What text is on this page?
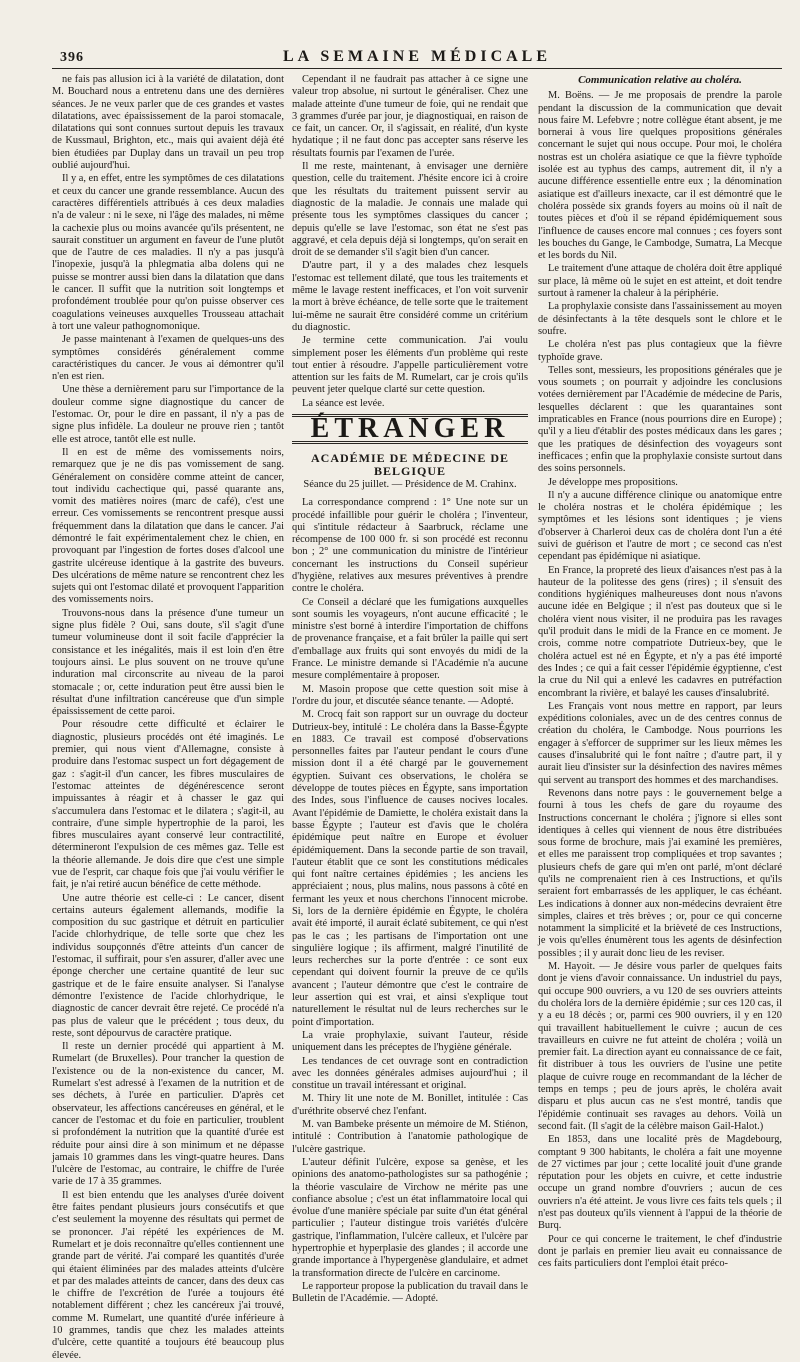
396	LA SEMAINE MÉDICALE

ne fais pas allusion ici à la variété de dilatation, dont M. Bouchard nous a entretenu dans une des dernières séances. Je ne veux parler que de ces grandes et vastes dilatations, avec épaississement de la paroi stomacale, dilatations qui sont connues surtout depuis les travaux de Kussmaul, Brighton, etc., mais qui avaient déjà été bien étudiées par Duplay dans un travail un peu trop oublié aujourd'hui.

Il y a, en effet, entre les symptômes de ces dilatations et ceux du cancer une grande ressemblance. Aucun des caractères différentiels attribués à ces deux maladies n'a de valeur : ni le sexe, ni l'âge des malades, ni même la cachexie plus ou moins avancée qu'ils présentent, ne saurait constituer un argument en faveur de l'une plutôt que de l'autre de ces maladies. Il n'y a pas jusqu'à l'inopexie, jusqu'à la phlegmatia alba dolens qui ne puisse se montrer aussi bien dans la dilatation que dans le cancer. Il suffit que la nutrition soit longtemps et profondément troublée pour qu'on puisse observer ces coagulations veineuses auxquelles Trousseau attachait à tort une valeur pathognomonique.

Je passe maintenant à l'examen de quelques-uns des symptômes considérés généralement comme caractéristiques du cancer. Je vous ai démontrer qu'il n'en est rien.

Une thèse a dernièrement paru sur l'importance de la douleur comme signe diagnostique du cancer de l'estomac. Or, pour le dire en passant, il n'y a pas de signe plus infidèle. La douleur ne prouve rien ; tantôt elle est atroce, tantôt elle est nulle.

Il en est de même des vomissements noirs, remarquez que je ne dis pas vomissement de sang. Généralement on considère comme atteint de cancer, tout individu cachectique qui, passé quarante ans, vomit des matières noires (marc de café), c'est une erreur. Ces vomissements se rencontrent presque aussi fréquemment dans la dilatation que dans le cancer. J'ai démontré le fait expérimentalement chez le chien, en provoquant par l'ingestion de fortes doses d'alcool une gastrite ulcéreuse identique à la gastrite des buveurs. Des ulcérations de même nature se rencontrent chez les sujets qui ont l'estomac dilaté et provoquent l'apparition des vomissements noirs.

Trouvons-nous dans la présence d'une tumeur un signe plus fidèle ? Oui, sans doute, s'il s'agit d'une tumeur volumineuse dont il soit facile d'apprécier la consistance et les inégalités, mais il est loin d'en être toujours ainsi. Le plus souvent on ne trouve qu'une induration mal circonscrite au niveau de la paroi stomacale ; or, cette induration peut être aussi bien le résultat d'une infiltration cancéreuse que d'un simple épaississement de cette paroi.

Pour résoudre cette difficulté et éclairer le diagnostic, plusieurs procédés ont été imaginés. Le premier, qui nous vient d'Allemagne, consiste à produire dans l'estomac suspect un fort dégagement de gaz : s'agit-il d'un cancer, les fibres musculaires de l'estomac atteintes de dégénérescence seront impuissantes à réagir et à chasser le gaz qui s'accumulera dans l'estomac et le dilatera ; s'agit-il, au contraire, d'une simple hypertrophie de la paroi, les fibres musculaires ayant conservé leur contractilité, détermineront l'expulsion de ces mêmes gaz. Telle est la théorie allemande. Je dois dire que c'est une simple vue de l'esprit, car chaque fois que j'ai voulu vérifier le fait, je n'ai retiré aucun bénéfice de cette méthode.

Une autre théorie est celle-ci : Le cancer, disent certains auteurs également allemands, modifie la composition du suc gastrique et détruit en particulier l'acide chlorhydrique, de telle sorte que chez les individus soupçonnés d'être atteints d'un cancer de l'estomac, il suffirait, pour s'en assurer, d'aller avec une éponge chercher une certaine quantité de leur suc gastrique et de le faire ensuite analyser. Si l'analyse démontre l'existence de l'acide chlorhydrique, le diagnostic de cancer devrait être rejeté. Ce procédé n'a pas plus de valeur que le précédent ; tous deux, du reste, sont dépourvus de caractère pratique.

Il reste un dernier procédé qui appartient à M. Rumelart (de Bruxelles). Pour trancher la question de l'existence ou de la non-existence du cancer, M. Rumelart s'est adressé à l'examen de la nutrition et de ses déchets, à l'urée en particulier. D'après cet observateur, les affections cancéreuses en général, et le cancer de l'estomac et du foie en particulier, troublent si profondément la nutrition que la quantité d'urée est réduite pour ainsi dire à son minimum et ne dépasse jamais 10 grammes dans les vingt-quatre heures. Dans l'ulcère de l'estomac, au contraire, le chiffre de l'urée varie de 17 à 35 grammes.

Il est bien entendu que les analyses d'urée doivent être faites pendant plusieurs jours consécutifs et que c'est seulement la moyenne des résultats qui permet de se prononcer. J'ai répété les expériences de M. Rumelart et je dois reconnaître qu'elles contiennent une grande part de vérité. J'ai comparé les quantités d'urée qui étaient éliminées par des malades atteints d'ulcère et par des malades atteints de cancer, dans des deux cas le chiffre de l'excrétion de l'urée a toujours été notablement différent ; chez les cancéreux j'ai trouvé, comme M. Rumelart, une quantité d'urée inférieure à 10 grammes, tandis que chez les malades atteints d'ulcère, cette quantité a toujours été beaucoup plus élevée.

Cependant il ne faudrait pas attacher à ce signe une valeur trop absolue, ni surtout le généraliser. Chez une malade atteinte d'une tumeur de foie, qui ne rendait que 3 grammes d'urée par jour, je diagnostiquai, en raison de ce fait, un cancer. Or, il s'agissait, en réalité, d'un kyste hydatique ; il ne faut donc pas accepter sans réserve les résultats fournis par l'examen de l'urée.

Il me reste, maintenant, à envisager une dernière question, celle du traitement. J'hésite encore ici à croire que les résultats du traitement puissent servir au diagnostic de la maladie. Je connais une malade qui présente tous les symptômes classiques du cancer ; depuis qu'elle se lave l'estomac, son état ne s'est pas aggravé, et cela depuis déjà si longtemps, qu'on serait en droit de se demander s'il s'agit bien d'un cancer.

D'autre part, il y a des malades chez lesquels l'estomac est tellement dilaté, que tous les traitements et même le lavage restent inefficaces, et l'on voit survenir la mort à brève échéance, de telle sorte que le traitement lui-même ne saurait être considéré comme un critérium du diagnostic.

Je termine cette communication. J'ai voulu simplement poser les éléments d'un problème qui reste tout entier à résoudre. J'appelle particulièrement votre attention sur les faits de M. Rumelart, car je crois qu'ils peuvent jeter quelque clarté sur cette question.

La séance est levée.

ÉTRANGER
ACADÉMIE DE MÉDECINE DE BELGIQUE
Séance du 25 juillet. — Présidence de M. Crahinx.

La correspondance comprend : 1° Une note sur un procédé infaillible pour guérir le choléra ; l'inventeur, qui s'intitule rédacteur à Saarbruck, réclame une récompense de 100 000 fr. si son procédé est reconnu bon ; 2° une communication du ministre de l'intérieur concernant les instructions du Conseil supérieur d'hygiène, relatives aux mesures préventives à prendre contre le choléra.

Ce Conseil a déclaré que les fumigations auxquelles sont soumis les voyageurs, n'ont aucune efficacité ; le ministre s'est borné à interdire l'importation de chiffons de provenance française, et a fait brûler la paille qui sert d'emballage aux fruits qui sont envoyés du midi de la France. Le ministre demande si l'Académie n'a aucune mesure complémentaire à proposer.

M. Masoin propose que cette question soit mise à l'ordre du jour, et discutée séance tenante. — Adopté.

M. Crocq fait son rapport sur un ouvrage du docteur Dutrieux-bey, intitulé : Le choléra dans la Basse-Égypte en 1883. Ce travail est composé d'observations personnelles faites par l'auteur pendant le cours d'une mission dont il a été chargé par le gouvernement égyptien. Suivant ces observations, le choléra se développe de toutes pièces en Égypte, sans importation des Indes, sous l'influence de causes nocives locales. Avant l'épidémie de Damiette, le choléra existait dans la basse Égypte ; l'auteur est d'avis que le choléra épidémique peut naître en Europe et évoluer épidémiquement. Dans la seconde partie de son travail, l'auteur établit que ce sont les constitutions médicales qui font naître certaines épidémies ; les anciens les appréciaient ; nous, plus malins, nous passons à côté en fermant les yeux et nous cherchons l'innocent microbe. Si, lors de la dernière épidémie en Égypte, le choléra avait été importé, il aurait éclaté subitement, ce qui n'est pas le cas ; les partisans de l'importation ont une singulière logique ; ils affirment, malgré l'inutilité de leurs recherches sur la porte d'entrée : ce sont eux cependant qui doivent fournir la preuve de ce qu'ils avancent ; l'auteur démontre que c'est le contraire de leur assertion qui est vrai, et ainsi s'explique tout naturellement le résultat nul de leurs recherches sur le point d'importation.

La vraie prophylaxie, suivant l'auteur, réside uniquement dans les préceptes de l'hygiène générale.

Les tendances de cet ouvrage sont en contradiction avec les données générales admises aujourd'hui ; il constitue un travail intéressant et original.

M. Thiry lit une note de M. Bonillet, intitulée : Cas d'uréthrite observé chez l'enfant.

M. van Bambeke présente un mémoire de M. Stiénon, intitulé : Contribution à l'anatomie pathologique de l'ulcère gastrique.

L'auteur définit l'ulcère, expose sa genèse, et les opinions des anatomo-pathologistes sur sa pathogénie ; la théorie vasculaire de Virchow ne mérite pas une confiance absolue ; c'est un état inflammatoire local qui évolue d'une manière spéciale par suite d'un état général particulier ; l'auteur distingue trois variétés d'ulcère gastrique, l'inflammation, l'ulcère calleux, et l'ulcère par hypertrophie et hyperplasie des glandes ; il accorde une grande importance à l'hypergenèse glandulaire, et admet la transformation directe de l'ulcère en carcinome.

Le rapporteur propose la publication du travail dans le Bulletin de l'Académie. — Adopté.

Communication relative au choléra.

M. Boëns. — Je me proposais de prendre la parole pendant la discussion de la communication que devait nous faire M. Lefebvre ; notre collègue étant absent, je me bornerai à vous lire quelques propositions générales concernant le sujet qui nous occupe. Pour moi, le choléra nostras est un choléra asiatique ce que la fièvre typhoïde isolée est au typhus des camps, autrement dit, il n'y a aucune différence essentielle entre eux ; la dénomination asiatique est d'ailleurs inexacte, car il est démontré que le choléra possède six grands foyers au moins où il naît de toutes pièces et d'où il se répand épidémiquement sous l'influence de causes encore mal connues ; ces foyers sont les bouches du Gange, le Cambodge, Sumatra, La Mecque et les bords du Nil.

Le traitement d'une attaque de choléra doit être appliqué sur place, là même où le sujet en est atteint, et doit tendre surtout à ramener la chaleur à la périphérie.

La prophylaxie consiste dans l'assainissement au moyen de désinfectants à la tête desquels sont le chlore et le soufre.

Le choléra n'est pas plus contagieux que la fièvre typhoïde grave.

Telles sont, messieurs, les propositions générales que je vous soumets ; on pourrait y adjoindre les conclusions votées dernièrement par l'Académie de médecine de Paris, lesquelles déclarent : que les quarantaines sont impraticables en France (nous pourrions dire en Europe) ; qu'il y a lieu d'établir des postes médicaux dans les gares ; que les pratiques de désinfection des voyageurs sont inefficaces ; enfin que la prophylaxie consiste surtout dans des soins personnels.

Je développe mes propositions.

Il n'y a aucune différence clinique ou anatomique entre le choléra nostras et le choléra épidémique ; les symptômes et les lésions sont identiques ; je viens d'observer à Charleroi deux cas de choléra dont l'un a été suivi de guérison et l'autre de mort ; ce second cas n'est cependant pas épidémique ni asiatique.

En France, la propreté des lieux d'aisances n'est pas à la hauteur de la politesse des gens (rires) ; il s'ensuit des conditions hygiéniques malheureuses dont nous n'avons aucune idée en Belgique ; il n'est pas douteux que si le choléra vient nous visiter, il ne produira pas les ravages qu'il produit dans le midi de la France en ce moment. Je crois, comme notre compatriote Dutrieux-bey, que le choléra actuel est né en Égypte, et n'y a pas été importé des Indes ; ce qui a fait cesser l'épidémie égyptienne, c'est la crue du Nil qui a enlevé les cadavres en putréfaction encombrant la rivière, et balayé les causes d'insalubrité.

Les Français vont nous mettre en rapport, par leurs expéditions coloniales, avec un de des centres connus de création du choléra, le Cambodge. Nous pourrions les engager à s'efforcer de supprimer sur les lieux mêmes les causes d'insalubrité qui le font naître ; d'autre part, il y aurait lieu d'insister sur la désinfection des navires mêmes qui servent au transport des hommes et des marchandises.

Revenons dans notre pays : le gouvernement belge a fourni à tous les chefs de gare du royaume des Instructions concernant le choléra ; j'ignore si elles sont identiques à celles qui viennent de nous être distribuées sous forme de brochure, mais j'ai examiné les premières, et elles me paraissent trop compliquées et trop savantes ; plusieurs chefs de gare qui m'en ont parlé, m'ont déclaré qu'ils ne comprenaient rien à ces Instructions, et qu'ils seraient fort embarrassés de les appliquer, le cas échéant. Les indications à donner aux non-médecins devraient être simples, claires et très brèves ; or, pour ce qui concerne notamment la simplicité et la brièveté de ces Instructions, je vois qu'elles énumèrent tous les agents de désinfection possibles ; il y aurait donc lieu de les reviser.

M. Hayoit. — Je désire vous parler de quelques faits dont je viens d'avoir connaissance. Un industriel du pays, qui occupe 900 ouvriers, a vu 120 de ses ouvriers atteints du choléra lors de la dernière épidémie ; sur ces 120 cas, il y a eu 18 décès ; or, parmi ces 900 ouvriers, il y en 120 qui travaillent habituellement le cuivre ; aucun de ces travailleurs en cuivre ne fut atteint de choléra ; voilà un premier fait. La direction ayant eu connaissance de ce fait, fit distribuer à tous les ouvriers de l'usine une petite plaque de cuivre rouge en recommandant de la lécher de temps en temps ; peu de jours après, le choléra avait disparu et plus aucun cas ne s'est montré, tandis que l'épidémie continuait ses ravages au dehors. Voilà un second fait. (Il s'agit de la célèbre maison Gail-Halot.)

En 1853, dans une localité près de Magdebourg, comptant 9 300 habitants, le choléra a fait une moyenne de 27 victimes par jour ; cette localité jouit d'une grande réputation pour les objets en cuivre, et cette industrie occupe un grand nombre d'ouvriers ; aucun de ces ouvriers n'a été atteint. Je vous livre ces faits tels quels ; il n'est pas douteux qu'ils viennent à l'appui de la théorie de Burq.

Pour ce qui concerne le traitement, le chef d'industrie dont je parlais en premier lieu avait eu connaissance de ces faits particuliers dont l'emploi était préco-
